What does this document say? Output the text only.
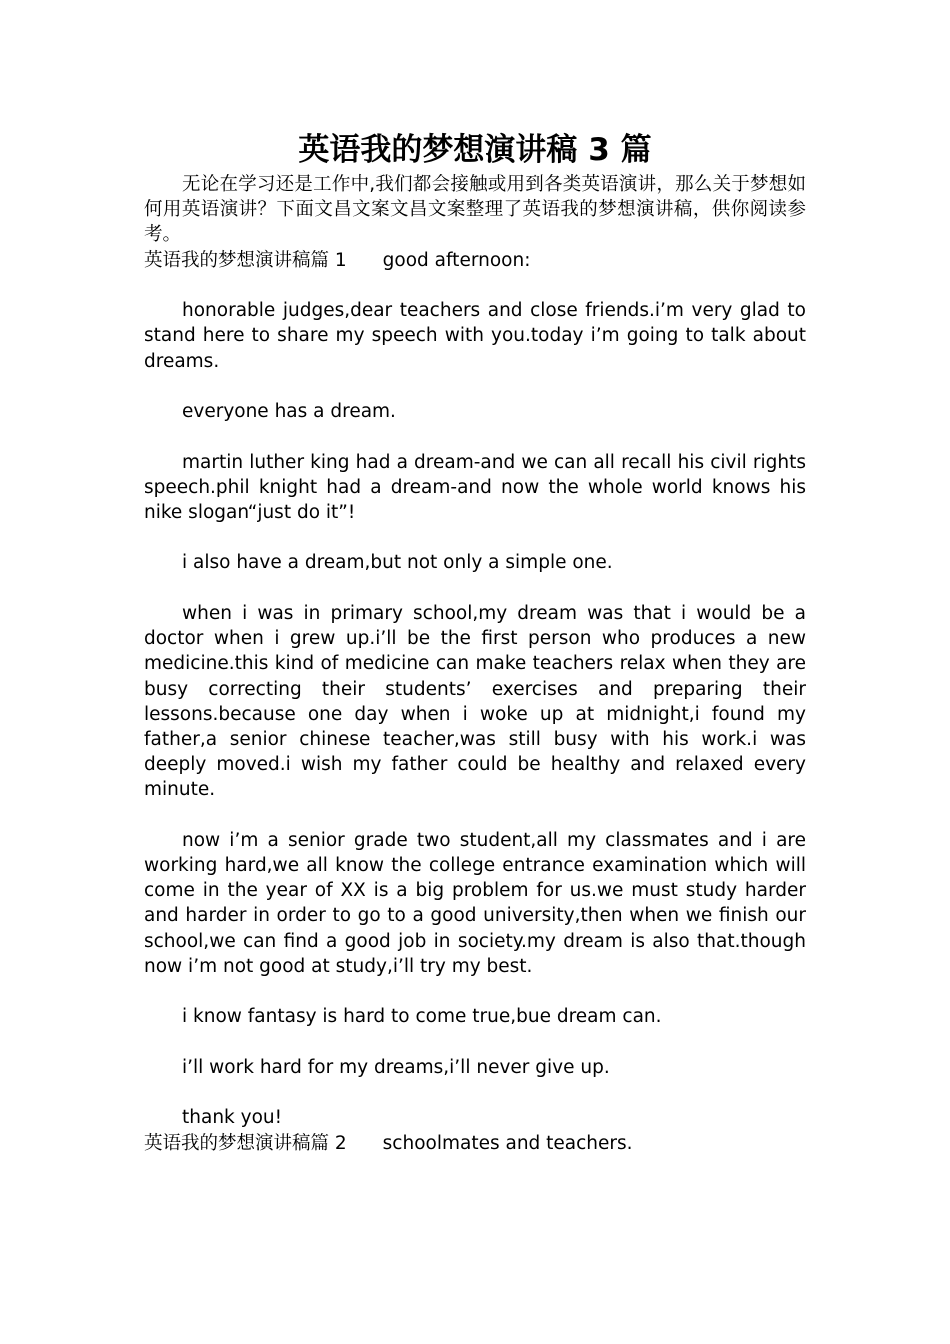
英语我的梦想演讲稿 3 篇

无论在学习还是工作中,我们都会接触或用到各类英语演讲，那么关于梦想如何用英语演讲？下面文昌文案文昌文案整理了英语我的梦想演讲稿，供你阅读参考。

英语我的梦想演讲稿篇 1 good afternoon:

honorable judges,dear teachers and close friends.i’m very glad to stand here to share my speech with you.today i’m going to talk about dreams.

everyone has a dream.

martin luther king had a dream-and we can all recall his civil rights speech.phil knight had a dream-and now the whole world knows his nike slogan“just do it”!

i also have a dream,but not only a simple one.

when i was in primary school,my dream was that i would be a doctor when i grew up.i’ll be the first person who produces a new medicine.this kind of medicine can make teachers relax when they are busy correcting their students’ exercises and preparing their lessons.because one day when i woke up at midnight,i found my father,a senior chinese teacher,was still busy with his work.i was deeply moved.i wish my father could be healthy and relaxed every minute.

now i’m a senior grade two student,all my classmates and i are working hard,we all know the college entrance examination which will come in the year of XX is a big problem for us.we must study harder and harder in order to go to a good university,then when we finish our school,we can find a good job in society.my dream is also that.though now i’m not good at study,i’ll try my best.

i know fantasy is hard to come true,bue dream can.

i’ll work hard for my dreams,i’ll never give up.

thank you!

英语我的梦想演讲稿篇 2 schoolmates and teachers.
